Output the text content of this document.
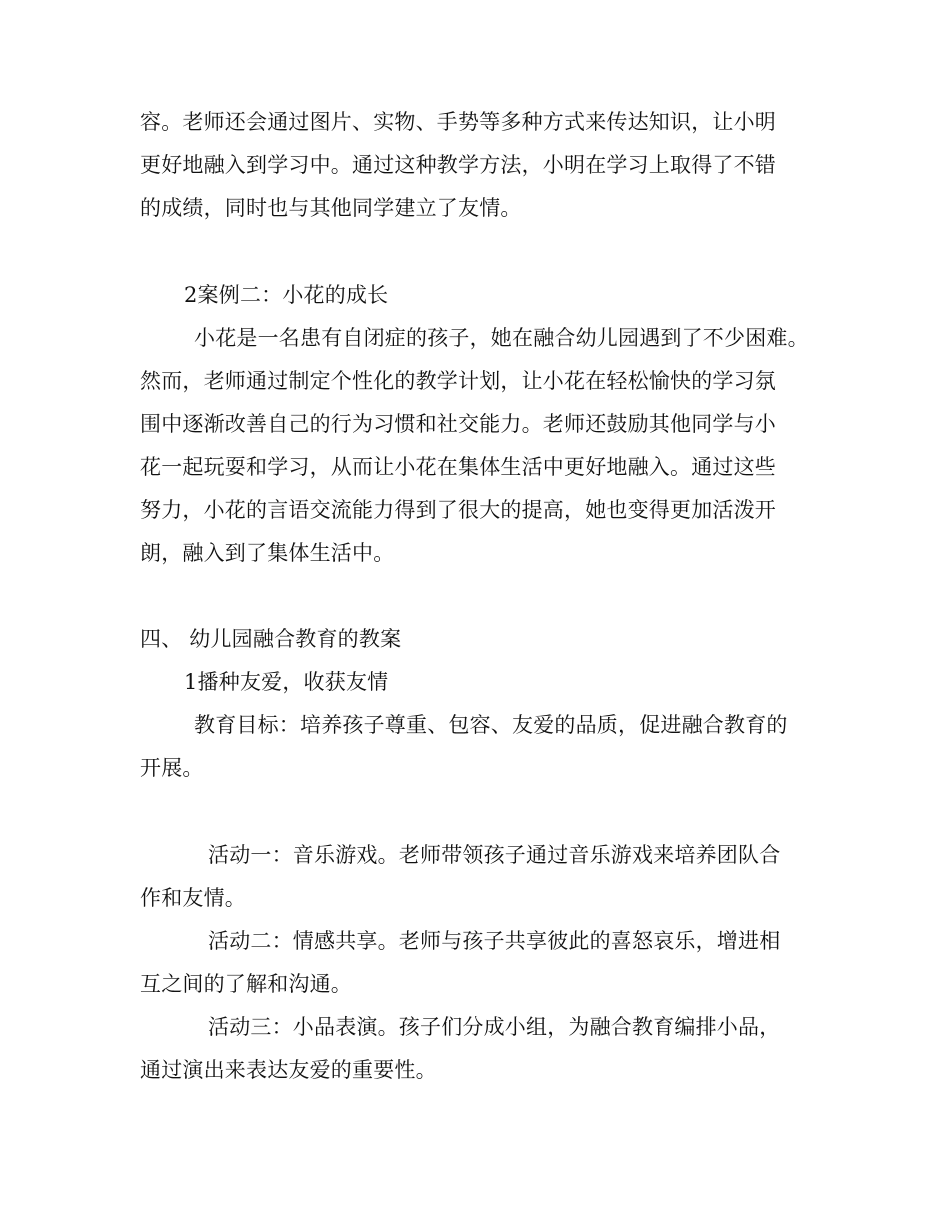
容。老师还会通过图片、实物、手势等多种方式来传达知识，让小明
更好地融入到学习中。通过这种教学方法，小明在学习上取得了不错
的成绩，同时也与其他同学建立了友情。
2案例二：小花的成长
小花是一名患有自闭症的孩子，她在融合幼儿园遇到了不少困难。
然而，老师通过制定个性化的教学计划，让小花在轻松愉快的学习氛
围中逐渐改善自己的行为习惯和社交能力。老师还鼓励其他同学与小
花一起玩耍和学习，从而让小花在集体生活中更好地融入。通过这些
努力，小花的言语交流能力得到了很大的提高，她也变得更加活泼开
朗，融入到了集体生活中。
四、 幼儿园融合教育的教案
1播种友爱，收获友情
教育目标：培养孩子尊重、包容、友爱的品质，促进融合教育的
开展。
活动一：音乐游戏。老师带领孩子通过音乐游戏来培养团队合
作和友情。
活动二：情感共享。老师与孩子共享彼此的喜怒哀乐，增进相
互之间的了解和沟通。
活动三：小品表演。孩子们分成小组，为融合教育编排小品，
通过演出来表达友爱的重要性。
